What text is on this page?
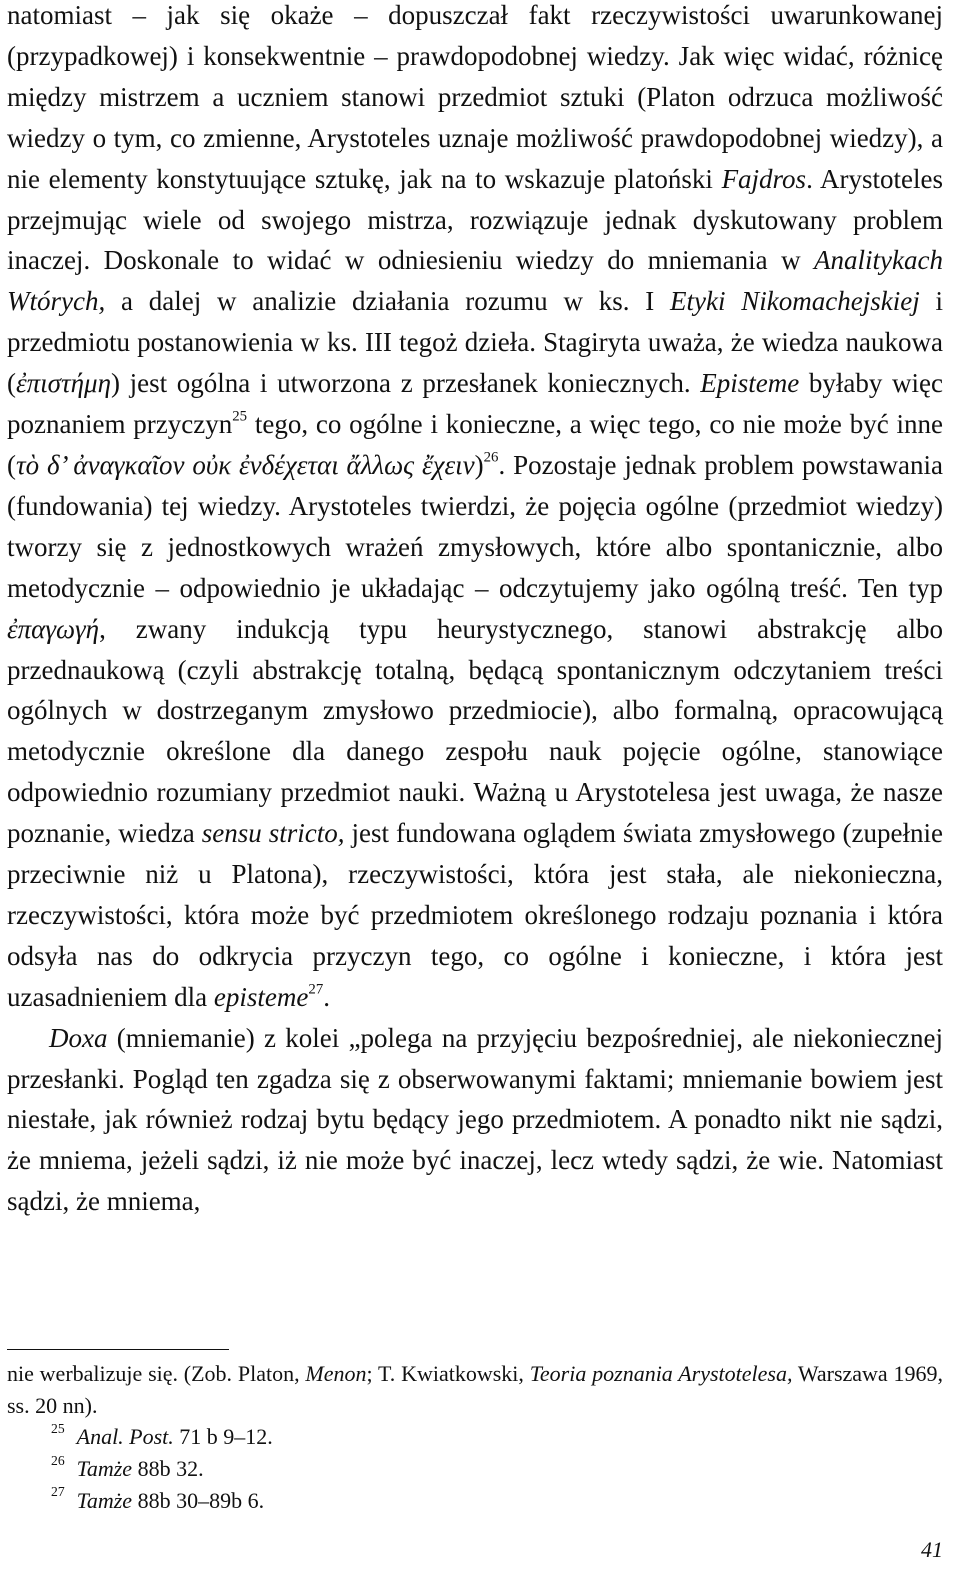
natomiast – jak się okaże – dopuszczał fakt rzeczywistości uwarunkowanej (przypadkowej) i konsekwentnie – prawdopodobnej wiedzy. Jak więc widać, różnicę między mistrzem a uczniem stanowi przedmiot sztuki (Platon odrzuca możliwość wiedzy o tym, co zmienne, Arystoteles uznaje możliwość prawdopodobnej wiedzy), a nie elementy konstytuujące sztukę, jak na to wskazuje platoński Fajdros. Arystoteles przejmując wiele od swojego mistrza, rozwiązuje jednak dyskutowany problem inaczej. Doskonale to widać w odniesieniu wiedzy do mniemania w Analitykach Wtórych, a dalej w analizie działania rozumu w ks. I Etyki Nikomachejskiej i przedmiotu postanowienia w ks. III tegoż dzieła. Stagiryta uważa, że wiedza naukowa (ἐπιστήμη) jest ogólna i utworzona z przesłanek koniecznych. Episteme byłaby więc poznaniem przyczyn$^{25}$ tego, co ogólne i konieczne, a więc tego, co nie może być inne (τὸ δ’ ἀναγκαῖον οὐκ ἐνδέχεται ἄλλως ἔχειν)$^{26}$. Pozostaje jednak problem powstawania (fundowania) tej wiedzy. Arystoteles twierdzi, że pojęcia ogólne (przedmiot wiedzy) tworzy się z jednostkowych wrażeń zmysłowych, które albo spontanicznie, albo metodycznie – odpowiednio je układając – odczytujemy jako ogólną treść. Ten typ ἐπαγωγή, zwany indukcją typu heurystycznego, stanowi abstrakcję albo przednaukową (czyli abstrakcję totalną, będącą spontanicznym odczytaniem treści ogólnych w dostrzeganym zmysłowo przedmiocie), albo formalną, opracowującą metodycznie określone dla danego zespołu nauk pojęcie ogólne, stanowiące odpowiednio rozumiany przedmiot nauki. Ważną u Arystotelesa jest uwaga, że nasze poznanie, wiedza sensu stricto, jest fundowana oglądem świata zmysłowego (zupełnie przeciwnie niż u Platona), rzeczywistości, która jest stała, ale niekonieczna, rzeczywistości, która może być przedmiotem określonego rodzaju poznania i która odsyła nas do odkrycia przyczyn tego, co ogólne i konieczne, i która jest uzasadnieniem dla episteme$^{27}$.

Doxa (mniemanie) z kolei „polega na przyjęciu bezpośredniej, ale niekoniecznej przesłanki. Pogląd ten zgadza się z obserwowanymi faktami; mniemanie bowiem jest niestałe, jak również rodzaj bytu będący jego przedmiotem. A ponadto nikt nie sądzi, że mniema, jeżeli sądzi, iż nie może być inaczej, lecz wtedy sądzi, że wie. Natomiast sądzi, że mniema,

nie werbalizuje się. (Zob. Platon, Menon; T. Kwiatkowski, Teoria poznania Arystotelesa, Warszawa 1969, ss. 20 nn).

$^{25}$ Anal. Post. 71 b 9–12.

$^{26}$ Tamże 88b 32.

$^{27}$ Tamże 88b 30–89b 6.

41
